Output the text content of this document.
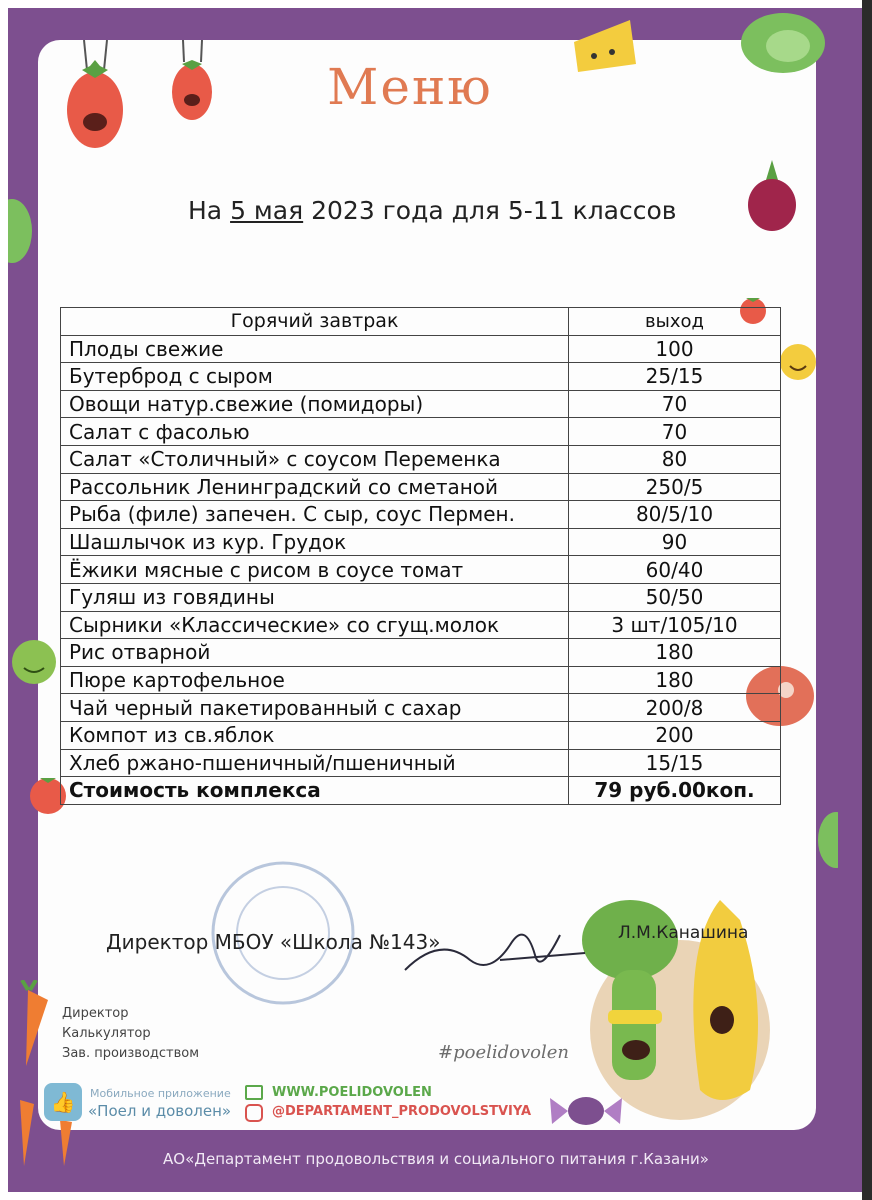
Меню
На 5 мая 2023 года для 5-11 классов
Горячий завтрак	выход
Плоды свежие	100
Бутерброд с сыром	25/15
Овощи натур.свежие (помидоры)	70
Салат с фасолью	70
Салат «Столичный» с соусом Переменка	80
Рассольник Ленинградский со сметаной	250/5
Рыба (филе) запечен. С сыр, соус Пермен.	80/5/10
Шашлычок из кур. Грудок	90
Ёжики мясные с рисом в соусе томат	60/40
Гуляш из говядины	50/50
Сырники «Классические» со сгущ.молок	3 шт/105/10
Рис отварной	180
Пюре картофельное	180
Чай черный пакетированный с сахар	200/8
Компот из св.яблок	200
Хлеб ржано-пшеничный/пшеничный	15/15
Стоимость комплекса	79 руб.00коп.
Директор МБОУ «Школа №143»	Л.М.Канашина
Директор
Калькулятор
Зав. производством	#poelidovolen
👍	Мобильное приложение
«Поел и доволен»
WWW.POELIDOVOLEN
@DEPARTAMENT_PRODOVOLSTVIYA
АО«Департамент продовольствия и социального питания г.Казани»
